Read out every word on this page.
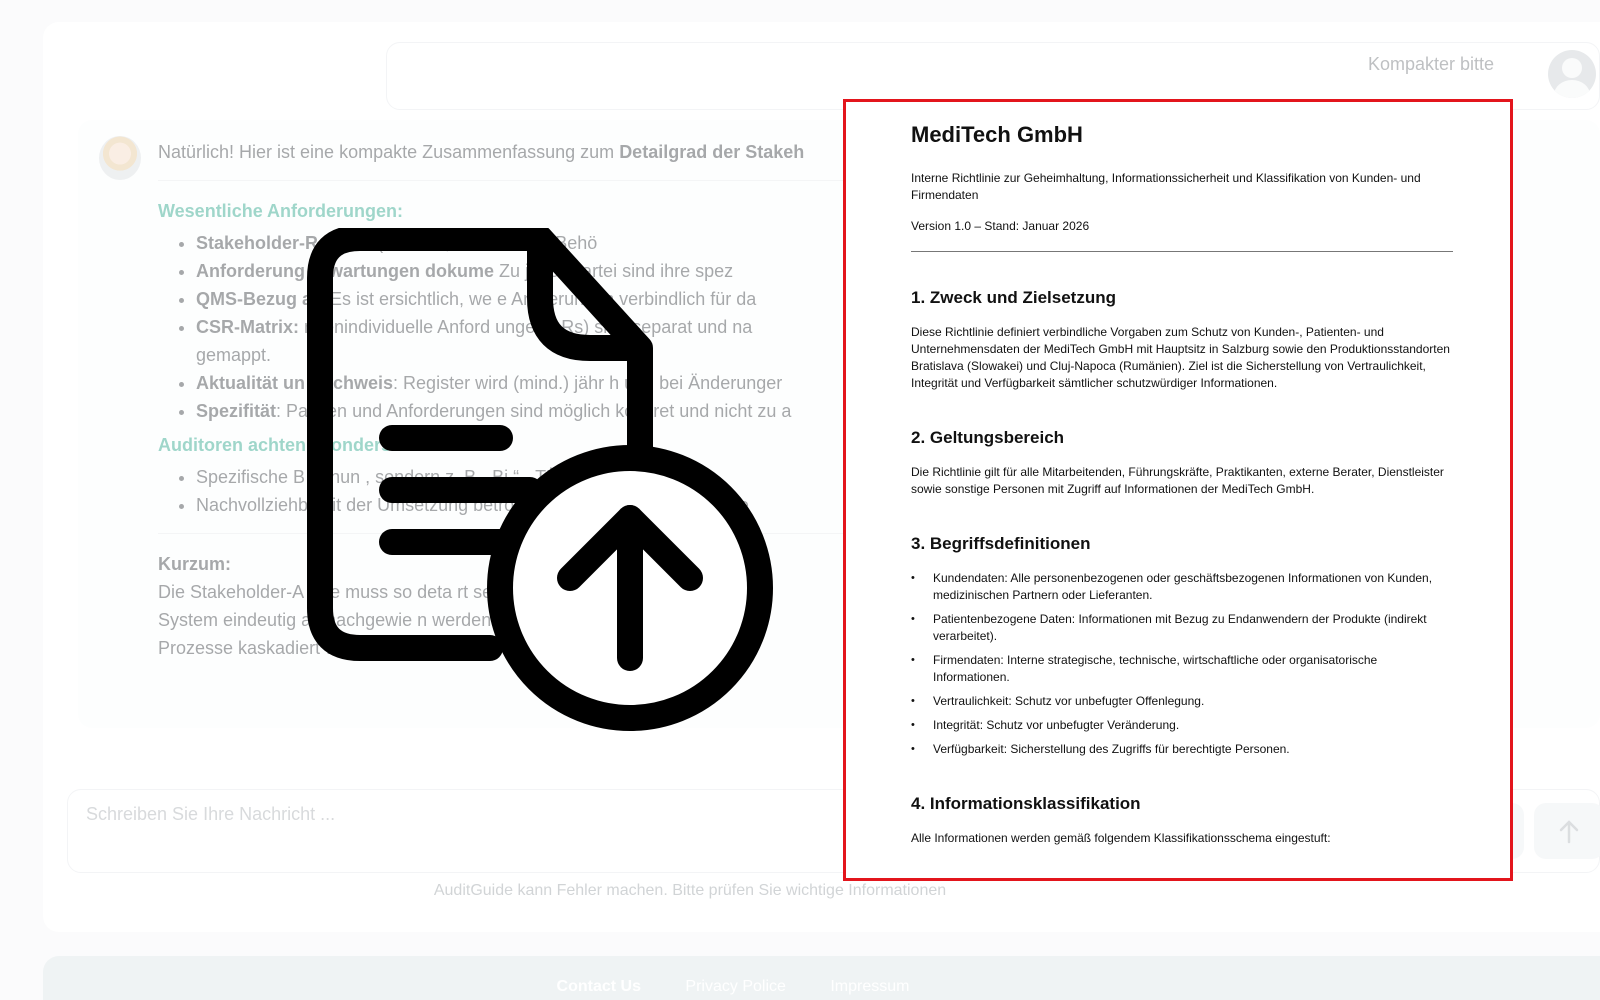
•
•
•
•

•
•

•
•

Schreiben Sie Ihre Nachricht ...
MediTech GmbH

Interne Richtlinie zur Geheimhaltung, Informationssicherheit und Klassifikation von Kunden- und Firmendaten

Version 1.0 – Stand: Januar 2026

1. Zweck und Zielsetzung

Diese Richtlinie definiert verbindliche Vorgaben zum Schutz von Kunden-, Patienten- und Unternehmensdaten der MediTech GmbH mit Hauptsitz in Salzburg sowie den Produktionsstandorten Bratislava (Slowakei) und Cluj-Napoca (Rumänien). Ziel ist die Sicherstellung von Vertraulichkeit, Integrität und Verfügbarkeit sämtlicher schutzwürdiger Informationen.

2. Geltungsbereich

Die Richtlinie gilt für alle Mitarbeitenden, Führungskräfte, Praktikanten, externe Berater, Dienstleister sowie sonstige Personen mit Zugriff auf Informationen der MediTech GmbH.

3. Begriffsdefinitionen
• Kundendaten: Alle personenbezogenen oder geschäftsbezogenen Informationen von Kunden, medizinischen Partnern oder Lieferanten.
• Patientenbezogene Daten: Informationen mit Bezug zu Endanwendern der Produkte (indirekt verarbeitet).
• Firmendaten: Interne strategische, technische, wirtschaftliche oder organisatorische Informationen.
• Vertraulichkeit: Schutz vor unbefugter Offenlegung.
• Integrität: Schutz vor unbefugter Veränderung.
• Verfügbarkeit: Sicherstellung des Zugriffs für berechtigte Personen.
4. Informationsklassifikation

Alle Informationen werden gemäß folgendem Klassifikationsschema eingestuft:
